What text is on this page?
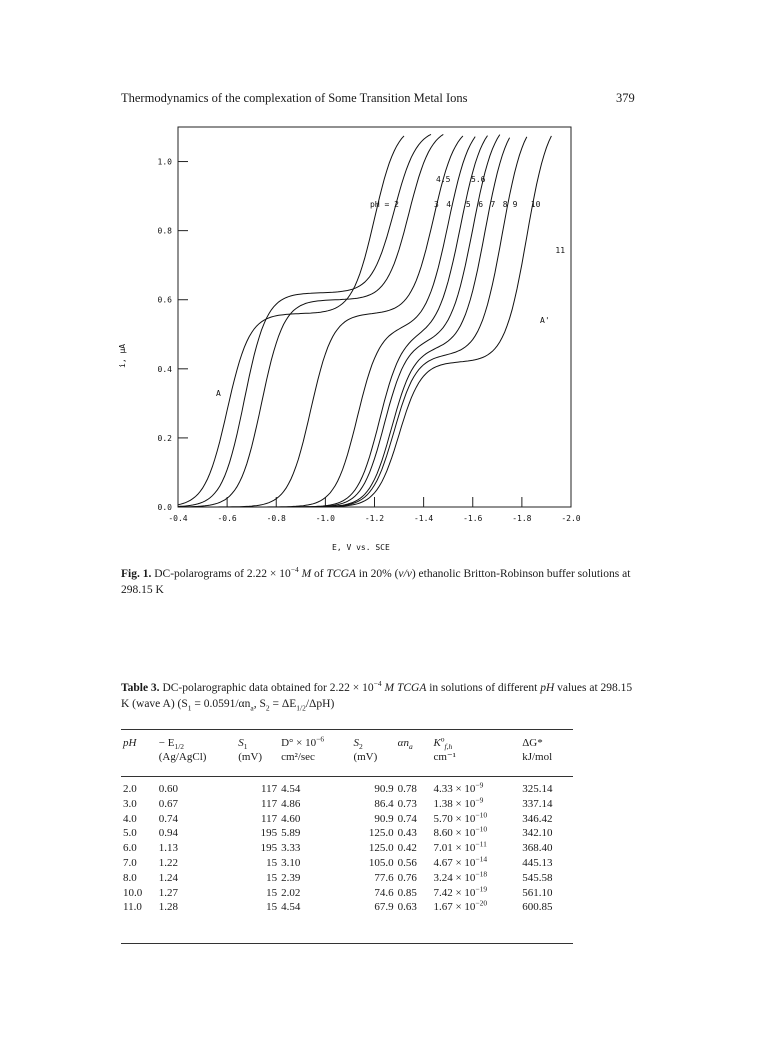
Thermodynamics of the complexation of Some Transition Metal Ions	379
pH = 2	3 4 5 6 7 8 9 10
11
-0.4	-0.6	-0.8	-1.0	-1.2	-1.4	-1.6	-1.8	-2.0
1.0
0.8
0.6
0.4
0.2
0.0
i, μA
E, V vs. SCE
A
A'
4.5	5.6
Fig. 1. DC-polarograms of $2.22 \times 10^{-4}$ M of TCGA in 20% (v/v) ethanolic Britton-Robinson buffer solutions at 298.15 K
Table 3. DC-polarographic data obtained for $2.22 \times 10^{-4}$ M TCGA in solutions of different pH values at 298.15 K (wave A) ($S_1 = 0.0591/\alpha n_a$, $S_2 = \Delta E_{1/2}/\Delta pH$)
pH	− $E_{1/2}$	$S_1$	$D^\circ \times 10^{-6}$	$S_2$	$\alpha n_a$	$K^o_{f,h}$	ΔG*
	(Ag/AgCl)	(mV)	cm²/sec	(mV)		cm⁻¹	kJ/mol
2.0	0.60	117	4.54	90.9	0.78	$4.33 \times 10^{-9}$	325.14
3.0	0.67	117	4.86	86.4	0.73	$1.38 \times 10^{-9}$	337.14
4.0	0.74	117	4.60	90.9	0.74	$5.70 \times 10^{-10}$	346.42
5.0	0.94	195	5.89	125.0	0.43	$8.60 \times 10^{-10}$	342.10
6.0	1.13	195	3.33	125.0	0.42	$7.01 \times 10^{-11}$	368.40
7.0	1.22	15	3.10	105.0	0.56	$4.67 \times 10^{-14}$	445.13
8.0	1.24	15	2.39	77.6	0.76	$3.24 \times 10^{-18}$	545.58
10.0	1.27	15	2.02	74.6	0.85	$7.42 \times 10^{-19}$	561.10
11.0	1.28	15	4.54	67.9	0.63	$1.67 \times 10^{-20}$	600.85
